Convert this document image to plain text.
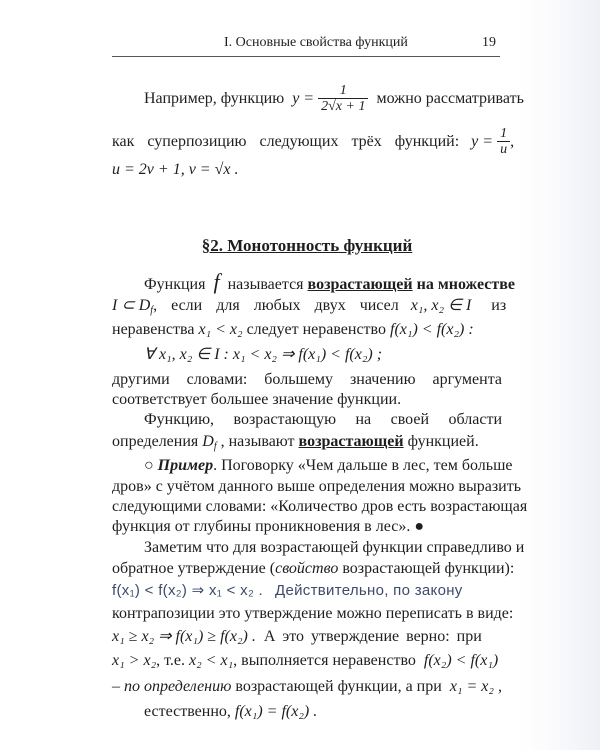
I. Основные свойства функций	19
Например, функцию $y = \frac{1}{2√x + 1}$ можно рассматривать
как суперпозицию следующих трёх функций: $y = \frac{1}{u}$ ,
u = 2v + 1, v = √x .
§2. Монотонность функций
Функция f называется возрастающей на множестве
I ⊂ $D_f$, если для любых двух чисел x₁, x₂ ∈ I из
неравенства x₁ < x₂ следует неравенство f(x₁) < f(x₂) :
∀ x₁, x₂ ∈ I : x₁ < x₂ ⇒ f(x₁) < f(x₂) ;
другими словами: большему значению аргумента
соответствует большее значение функции.
Функцию, возрастающую на своей области
определения $D_f$ , называют возрастающей функцией.
○ Пример. Поговорку «Чем дальше в лес, тем больше
дров» с учётом данного выше определения можно выразить
следующими словами: «Количество дров есть возрастающая
функция от глубины проникновения в лес». ●
Заметим что для возрастающей функции справедливо и
обратное утверждение (свойство возрастающей функции):
f(x₁) < f(x₂) ⇒ x₁ < x₂ . Действительно, по закону
контрапозиции это утверждение можно переписать в виде:
x₁ ≥ x₂ ⇒ f(x₁) ≥ f(x₂) . А это утверждение верно: при
x₁ > x₂, т.е. x₂ < x₁, выполняется неравенство f(x₂) < f(x₁)
– по определению возрастающей функции, а при x₁ = x₂ ,
естественно, f(x₁) = f(x₂) .
